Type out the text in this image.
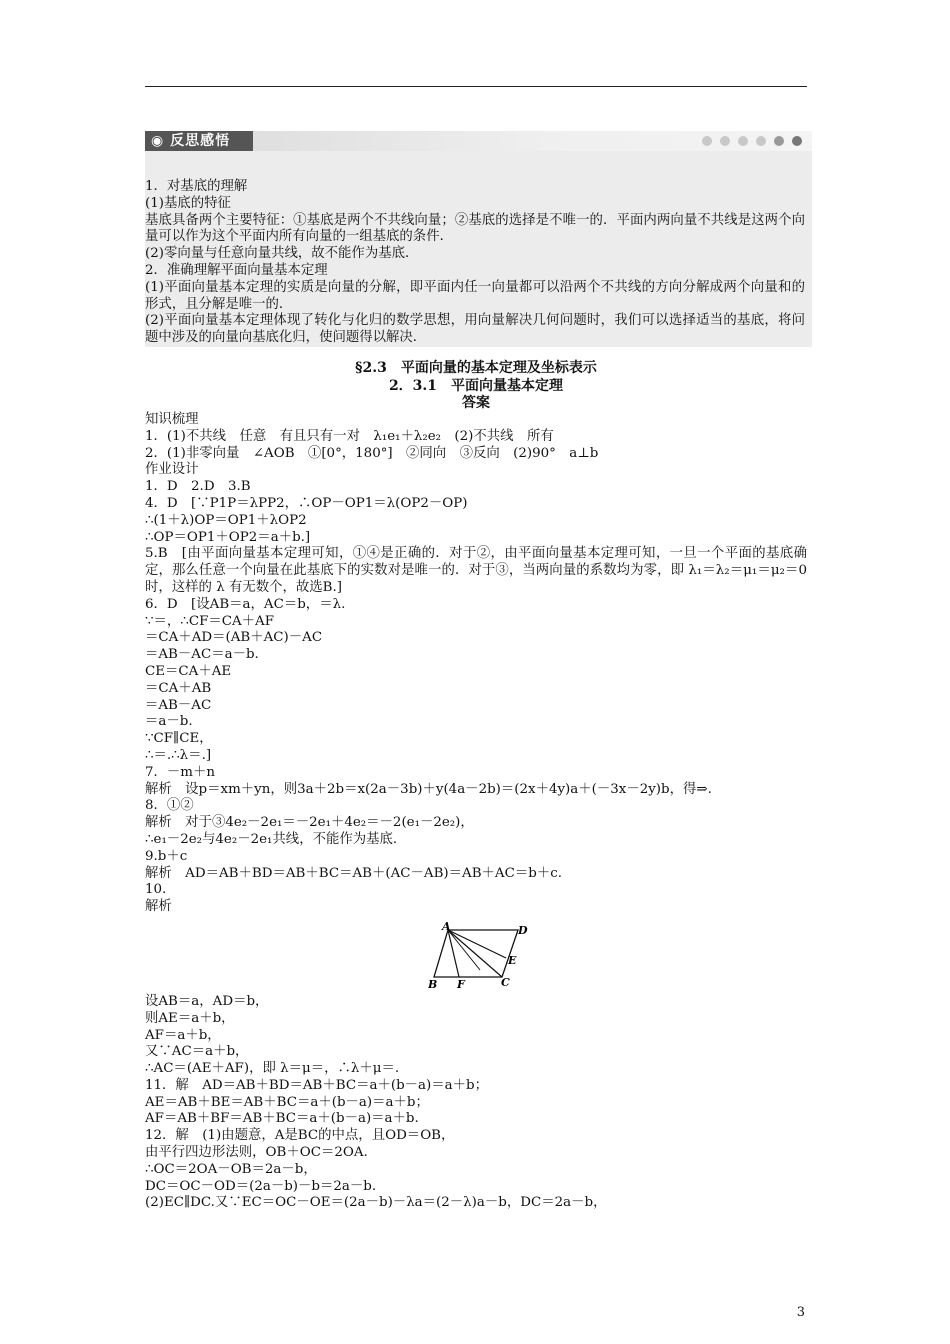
◉ 反思感悟
1．对基底的理解
(1)基底的特征
基底具备两个主要特征：①基底是两个不共线向量；②基底的选择是不唯一的．平面内两向量不共线是这两个向量可以作为这个平面内所有向量的一组基底的条件．
(2)零向量与任意向量共线，故不能作为基底．
2．准确理解平面向量基本定理
(1)平面向量基本定理的实质是向量的分解，即平面内任一向量都可以沿两个不共线的方向分解成两个向量和的形式，且分解是唯一的．
(2)平面向量基本定理体现了转化与化归的数学思想，用向量解决几何问题时，我们可以选择适当的基底，将问题中涉及的向量向基底化归，使问题得以解决．
§2.3　平面向量的基本定理及坐标表示
2．3.1　平面向量基本定理
答案
知识梳理
1．(1)不共线　任意　有且只有一对　λ₁e₁＋λ₂e₂　(2)不共线　所有
2．(1)非零向量　∠AOB　①[0°，180°]　②同向　③反向　(2)90°　a⊥b
作业设计
1．D　2.D　3.B
4．D　[∵P1P＝λPP2，∴OP－OP1＝λ(OP2－OP)
∴(1＋λ)OP＝OP1＋λOP2
∴OP＝OP1＋OP2＝a＋b.]
5.B　[由平面向量基本定理可知，①④是正确的．对于②，由平面向量基本定理可知，一旦一个平面的基底确定，那么任意一个向量在此基底下的实数对是唯一的．对于③，当两向量的系数均为零，即 λ₁＝λ₂＝μ₁＝μ₂＝0时，这样的 λ 有无数个，故选B.]
6．D　[设AB＝a，AC＝b，＝λ.
∵＝，∴CF＝CA＋AF
＝CA＋AD＝(AB＋AC)－AC
＝AB－AC＝a－b.
CE＝CA＋AE
＝CA＋AB
＝AB－AC
＝a－b.
∵CF∥CE，
∴＝.∴λ＝.]
7．－m＋n
解析　设p＝xm＋yn，则3a＋2b＝x(2a－3b)＋y(4a－2b)＝(2x＋4y)a＋(－3x－2y)b，得⇒.
8．①②
解析　对于③4e₂－2e₁＝－2e₁＋4e₂＝－2(e₁－2e₂)，
∴e₁－2e₂与4e₂－2e₁共线，不能作为基底．
9.b＋c
解析　AD＝AB＋BD＝AB＋BC＝AB＋(AC－AB)＝AB＋AC＝b＋c.
10.
解析
A	D
E
B F	C
设AB＝a，AD＝b，
则AE＝a＋b，
AF＝a＋b，
又∵AC＝a＋b，
∴AC＝(AE＋AF)，即 λ＝μ＝，∴λ＋μ＝.
11．解　AD＝AB＋BD＝AB＋BC＝a＋(b－a)＝a＋b；
AE＝AB＋BE＝AB＋BC＝a＋(b－a)＝a＋b；
AF＝AB＋BF＝AB＋BC＝a＋(b－a)＝a＋b.
12．解　(1)由题意，A是BC的中点，且OD＝OB，
由平行四边形法则，OB＋OC＝2OA.
∴OC＝2OA－OB＝2a－b，
DC＝OC－OD＝(2a－b)－b＝2a－b.
(2)EC∥DC.又∵EC＝OC－OE＝(2a－b)－λa＝(2－λ)a－b，DC＝2a－b，
3
